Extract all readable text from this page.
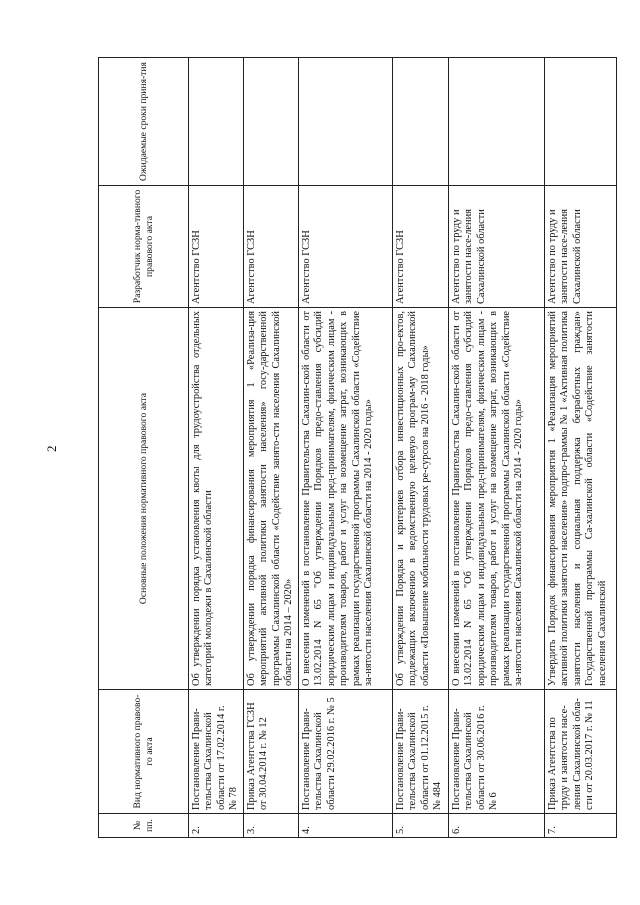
2
№ пп.	Вид нормативного правово-го акта	Основные положения нормативного правового акта	Разработчик норма-тивного правового акта	Ожидаемые сроки приня-тия
2.	Постановление Прави-тельства Сахалинской области от 17.02.2014 г. № 78	Об утверждении порядка установления квоты для трудоустройства отдельных категорий молодежи в Сахалинской области	Агентство ГСЗН	
3.	Приказ Агентства ГСЗН от 30.04.2014 г. № 12	Об утверждении порядка финансирования мероприятия 1 «Реализа-ция мероприятий активной политики занятости населения» госу-дарственной программы Сахалинской области «Содействие занято-сти населения Сахалинской области на 2014 – 2020»	Агентство ГСЗН	
4.	Постановление Прави-тельства Сахалинской области 29.02.2016 г. № 5	О внесении изменений в постановление Правительства Сахалин-ской области от 13.02.2014 N 65 "Об утверждении Порядков предо-ставления субсидий юридическим лицам и индивидуальным пред-принимателям, физическим лицам - производителям товаров, работ и услуг на возмещение затрат, возникающих в рамках реализации государственной программы Сахалинской области «Содействие за-нятости населения Сахалинской области на 2014 - 2020 годы»	Агентство ГСЗН	
5.	Постановление Прави-тельства Сахалинской области от 01.12.2015 г. № 484	Об утверждении Порядка и критериев отбора инвестиционных про-ектов, подлежащих включению в ведомственную целевую програм-му Сахалинской области «Повышение мобильности трудовых ре-сурсов на 2016 - 2018 годы»	Агентство ГСЗН	
6.	Постановление Прави-тельства Сахалинской области от 30.06.2016 г. № 6	О внесении изменений в постановление Правительства Сахалин-ской области от 13.02.2014 N 65 "Об утверждении Порядков предо-ставления субсидий юридическим лицам и индивидуальным пред-принимателям, физическим лицам - производителям товаров, работ и услуг на возмещение затрат, возникающих в рамках реализации государственной программы Сахалинской области «Содействие за-нятости населения Сахалинской области на 2014 - 2020 годы»	Агентство по труду и занятости насе-ления Сахалинской области	
7.	Приказ Агентства по труду и занятости насе-ления Сахалинской обла-сти от 20.03.2017 г. № 11	Утвердить Порядок финансирования мероприятия 1 «Реализация мероприятий активной политики занятости населения» подпро-граммы № 1 «Активная политика занятости населения и социальная поддержка безработных граждан» Государственной программы Са-халинской области «Содействие занятости населения Сахалинской	Агентство по труду и занятости насе-ления Сахалинской области	
